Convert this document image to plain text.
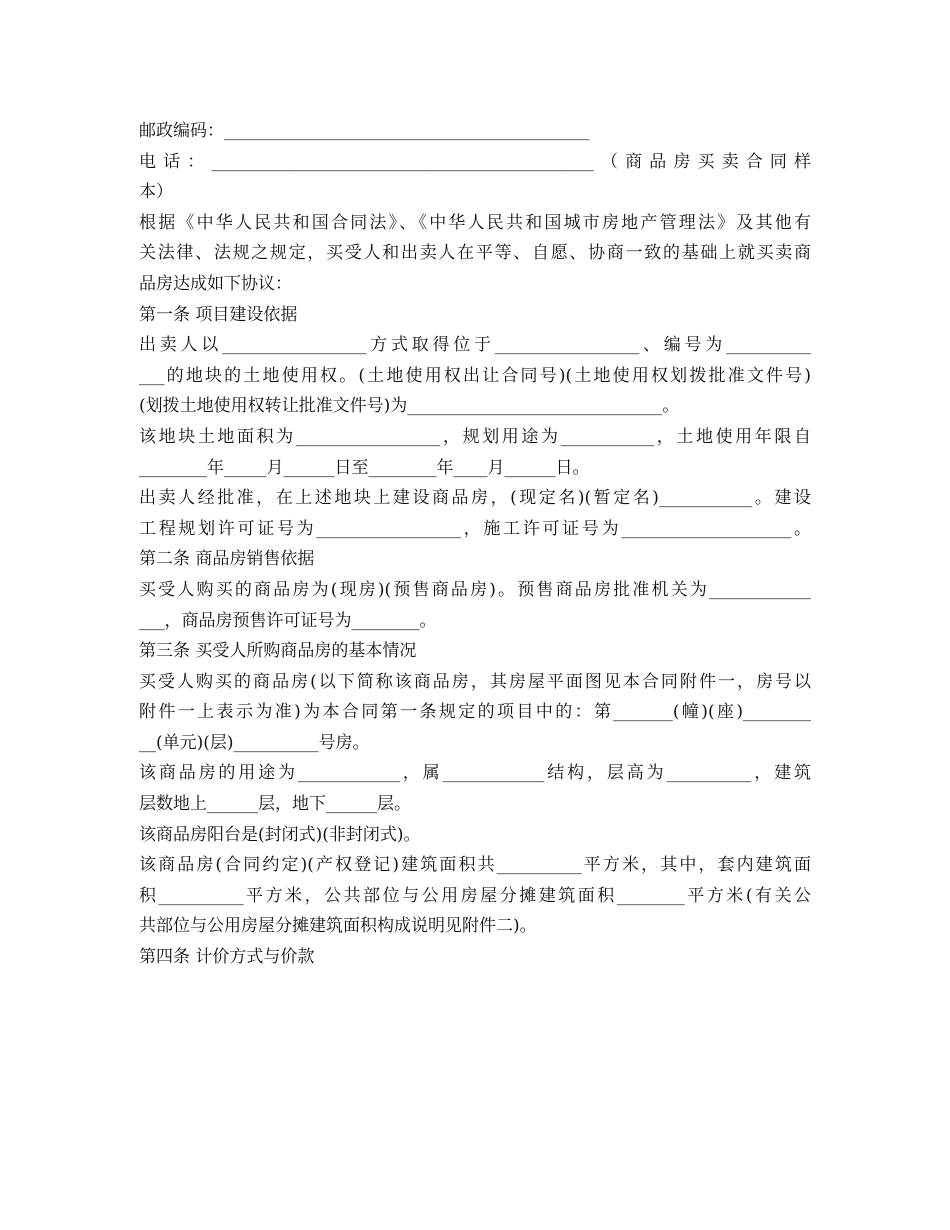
邮政编码：___________________________________________
电话：_____________________________________________（商品房买卖合同样
本）
根据《中华人民共和国合同法》、《中华人民共和国城市房地产管理法》及其他有
关法律、法规之规定，买受人和出卖人在平等、自愿、协商一致的基础上就买卖商
品房达成如下协议：
第一条 项目建设依据
出卖人以_________________方式取得位于_________________、编号为__________
___的地块的土地使用权。(土地使用权出让合同号)(土地使用权划拨批准文件号)
(划拨土地使用权转让批准文件号)为______________________________。
该地块土地面积为_________________，规划用途为___________，土地使用年限自
________年_____月______日至________年____月______日。
出卖人经批准，在上述地块上建设商品房，(现定名)(暂定名)___________。建设
工程规划许可证号为_________________，施工许可证号为____________________。
第二条 商品房销售依据
买受人购买的商品房为(现房)(预售商品房)。预售商品房批准机关为____________
___，商品房预售许可证号为________。
第三条 买受人所购商品房的基本情况
买受人购买的商品房(以下简称该商品房，其房屋平面图见本合同附件一，房号以
附件一上表示为准)为本合同第一条规定的项目中的：第_______(幢)(座)________
__(单元)(层)__________号房。
该商品房的用途为____________，属____________结构，层高为__________，建筑
层数地上______层，地下______层。
该商品房阳台是(封闭式)(非封闭式)。
该商品房(合同约定)(产权登记)建筑面积共__________平方米，其中，套内建筑面
积__________平方米，公共部位与公用房屋分摊建筑面积________平方米(有关公
共部位与公用房屋分摊建筑面积构成说明见附件二)。
第四条 计价方式与价款
